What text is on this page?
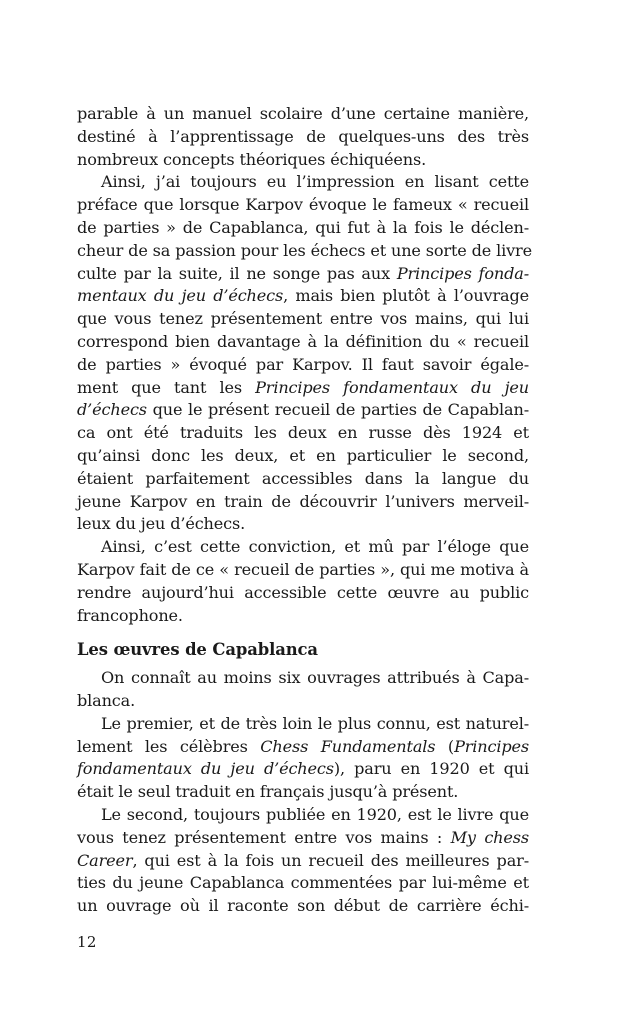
parable à un manuel scolaire d’une certaine manière,
destiné à l’apprentissage de quelques-uns des très
nombreux concepts théoriques échiquéens.
Ainsi, j’ai toujours eu l’impression en lisant cette
préface que lorsque Karpov évoque le fameux « recueil
de parties » de Capablanca, qui fut à la fois le déclen-
cheur de sa passion pour les échecs et une sorte de livre
culte par la suite, il ne songe pas aux Principes fonda-
mentaux du jeu d’échecs, mais bien plutôt à l’ouvrage
que vous tenez présentement entre vos mains, qui lui
correspond bien davantage à la définition du « recueil
de parties » évoqué par Karpov. Il faut savoir égale-
ment que tant les Principes fondamentaux du jeu
d’échecs que le présent recueil de parties de Capablan-
ca ont été traduits les deux en russe dès 1924 et
qu’ainsi donc les deux, et en particulier le second,
étaient parfaitement accessibles dans la langue du
jeune Karpov en train de découvrir l’univers merveil-
leux du jeu d’échecs.
Ainsi, c’est cette conviction, et mû par l’éloge que
Karpov fait de ce « recueil de parties », qui me motiva à
rendre aujourd’hui accessible cette œuvre au public
francophone.
Les œuvres de Capablanca
On connaît au moins six ouvrages attribués à Capa-
blanca.
Le premier, et de très loin le plus connu, est naturel-
lement les célèbres Chess Fundamentals (Principes
fondamentaux du jeu d’échecs), paru en 1920 et qui
était le seul traduit en français jusqu’à présent.
Le second, toujours publiée en 1920, est le livre que
vous tenez présentement entre vos mains : My chess
Career, qui est à la fois un recueil des meilleures par-
ties du jeune Capablanca commentées par lui-même et
un ouvrage où il raconte son début de carrière échi-
12
